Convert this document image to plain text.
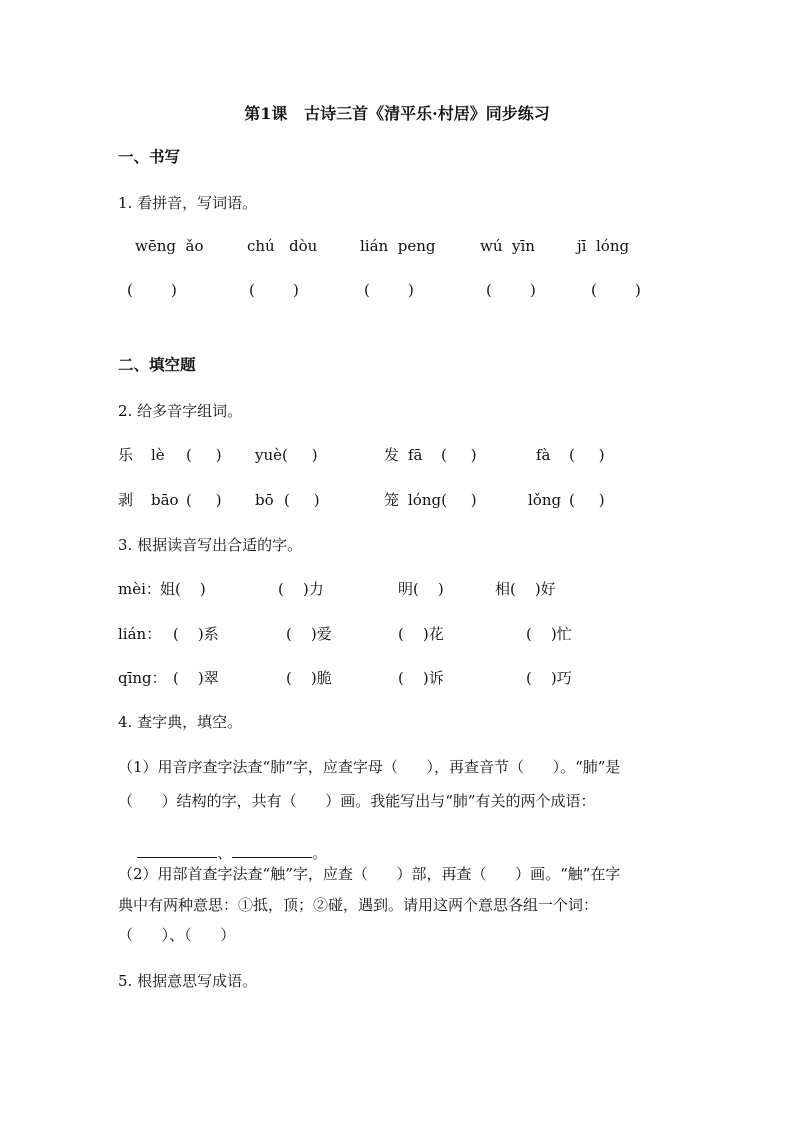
第1课   古诗三首《清平乐·村居》同步练习
一、书写
1. 看拼音，写词语。
wēng  ǎo	chú   dòu	lián  peng	wú  yīn	jī  lóng
(        )	(        )	(        )	(        )	(        )
二、填空题
2. 给多音字组词。
乐 lè (     ) yuè(     )	发 fā (     )	fà (     )
剥 bāo (     ) bō (     )	笼 lóng(     )	lǒng (     )
3. 根据读音写出合适的字。
mèi： 姐(    )	(    )力	明(    )	相(    )好
lián： (    )系	(    )爱	(    )花	(    )忙
qīng： (    )翠	(    )脆	(    )诉	(    )巧
4. 查字典，填空。
（1）用音序查字法查“肺”字，应查字母（      ），再查音节（      ）。“肺”是
（      ）结构的字，共有（      ）画。我能写出与“肺”有关的两个成语：

、	。

（2）用部首查字法查“触”字，应查（      ）部，再查（      ）画。“触”在字
典中有两种意思：①抵，顶；②碰，遇到。请用这两个意思各组一个词：
（      ）、（      ）
5. 根据意思写成语。
